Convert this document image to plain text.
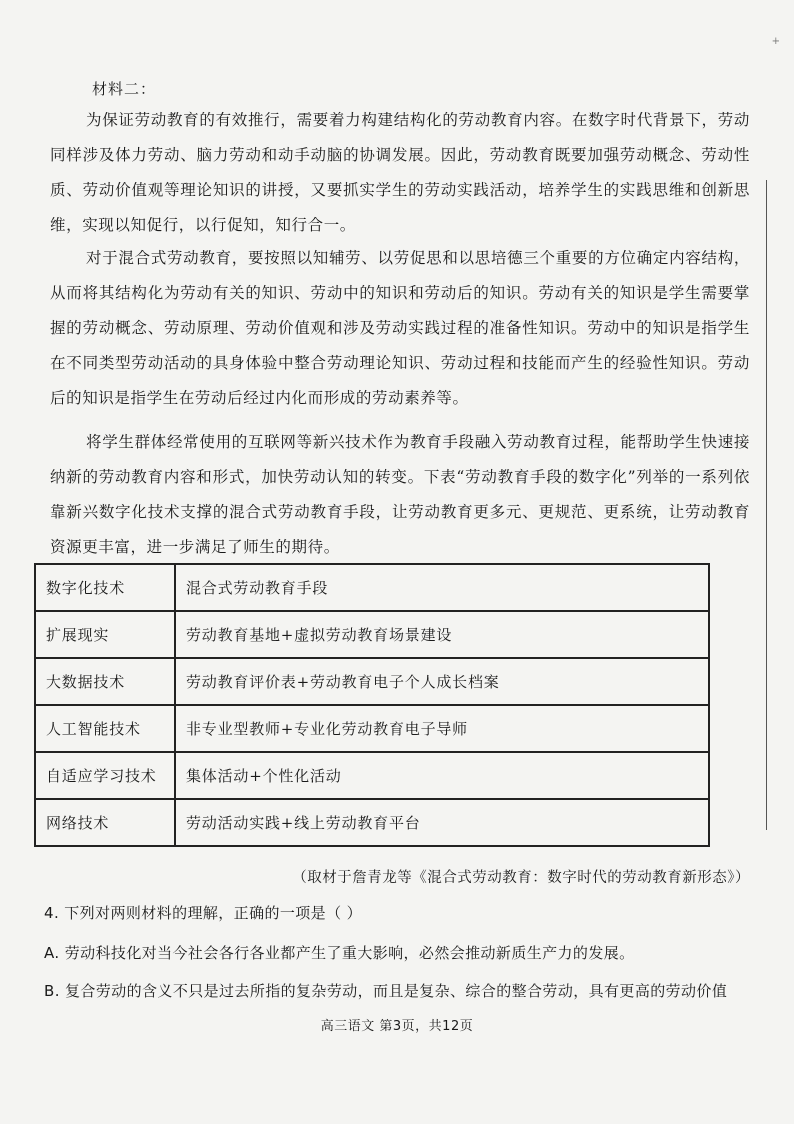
+
材料二：
为保证劳动教育的有效推行，需要着力构建结构化的劳动教育内容。在数字时代背景下，劳动同样涉及体力劳动、脑力劳动和动手动脑的协调发展。因此，劳动教育既要加强劳动概念、劳动性质、劳动价值观等理论知识的讲授，又要抓实学生的劳动实践活动，培养学生的实践思维和创新思维，实现以知促行，以行促知，知行合一。
对于混合式劳动教育，要按照以知辅劳、以劳促思和以思培德三个重要的方位确定内容结构，从而将其结构化为劳动有关的知识、劳动中的知识和劳动后的知识。劳动有关的知识是学生需要掌握的劳动概念、劳动原理、劳动价值观和涉及劳动实践过程的准备性知识。劳动中的知识是指学生在不同类型劳动活动的具身体验中整合劳动理论知识、劳动过程和技能而产生的经验性知识。劳动后的知识是指学生在劳动后经过内化而形成的劳动素养等。
将学生群体经常使用的互联网等新兴技术作为教育手段融入劳动教育过程，能帮助学生快速接纳新的劳动教育内容和形式，加快劳动认知的转变。下表“劳动教育手段的数字化”列举的一系列依靠新兴数字化技术支撑的混合式劳动教育手段，让劳动教育更多元、更规范、更系统，让劳动教育资源更丰富，进一步满足了师生的期待。
数字化技术	混合式劳动教育手段
扩展现实	劳动教育基地+虚拟劳动教育场景建设
大数据技术	劳动教育评价表+劳动教育电子个人成长档案
人工智能技术	非专业型教师+专业化劳动教育电子导师
自适应学习技术	集体活动+个性化活动
网络技术	劳动活动实践+线上劳动教育平台
（取材于詹青龙等《混合式劳动教育：数字时代的劳动教育新形态》）
4. 下列对两则材料的理解，正确的一项是（ ）
A. 劳动科技化对当今社会各行各业都产生了重大影响，必然会推动新质生产力的发展。
B. 复合劳动的含义不只是过去所指的复杂劳动，而且是复杂、综合的整合劳动，具有更高的劳动价值
高三语文 第3页，共12页
